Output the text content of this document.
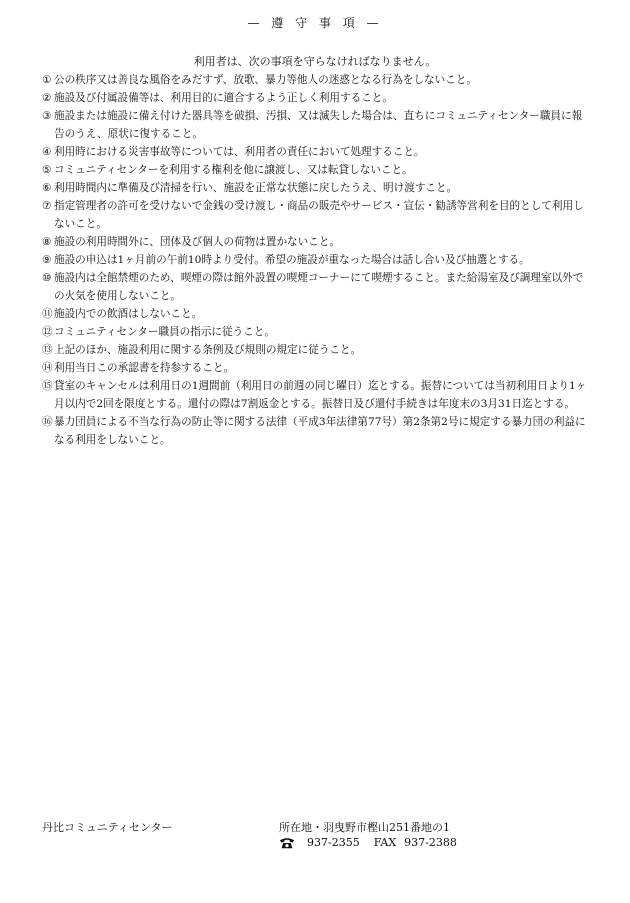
— 遵 守 事 項 —
利用者は、次の事項を守らなければなりません。
① 公の秩序又は善良な風俗をみだすず、放歌、暴力等他人の迷惑となる行為をしないこと。
② 施設及び付属設備等は、利用目的に適合するよう正しく利用すること。
③ 施設または施設に備え付けた器具等を破損、汚損、又は滅失した場合は、直ちにコミュニティセンター職員に報告のうえ、原状に復すること。
④ 利用時における災害事故等については、利用者の責任において処理すること。
⑤ コミュニティセンターを利用する権利を他に譲渡し、又は転貸しないこと。
⑥ 利用時間内に準備及び清掃を行い、施設を正常な状態に戻したうえ、明け渡すこと。
⑦ 指定管理者の許可を受けないで金銭の受け渡し・商品の販売やサービス・宣伝・勧誘等営利を目的として利用しないこと。
⑧ 施設の利用時間外に、団体及び個人の荷物は置かないこと。
⑨ 施設の申込は1ヶ月前の午前10時より受付。希望の施設が重なった場合は話し合い及び抽選とする。
⑩ 施設内は全館禁煙のため、喫煙の際は館外設置の喫煙コーナーにて喫煙すること。また給湯室及び調理室以外での火気を使用しないこと。
⑪ 施設内での飲酒はしないこと。
⑫ コミュニティセンター職員の指示に従うこと。
⑬ 上記のほか、施設利用に関する条例及び規則の規定に従うこと。
⑭ 利用当日この承認書を持参すること。
⑮ 貸室のキャンセルは利用日の1週間前（利用日の前週の同じ曜日）迄とする。振替については当初利用日より1ヶ月以内で2回を限度とする。還付の際は7割返金とする。振替日及び還付手続きは年度末の3月31日迄とする。
⑯ 暴力団員による不当な行為の防止等に関する法律（平成3年法律第77号）第2条第2号に規定する暴力団の利益になる利用をしないこと。
丹比コミュニティセンター	所在地・羽曳野市樫山251番地の1
937-2355 FAX 937-2388
